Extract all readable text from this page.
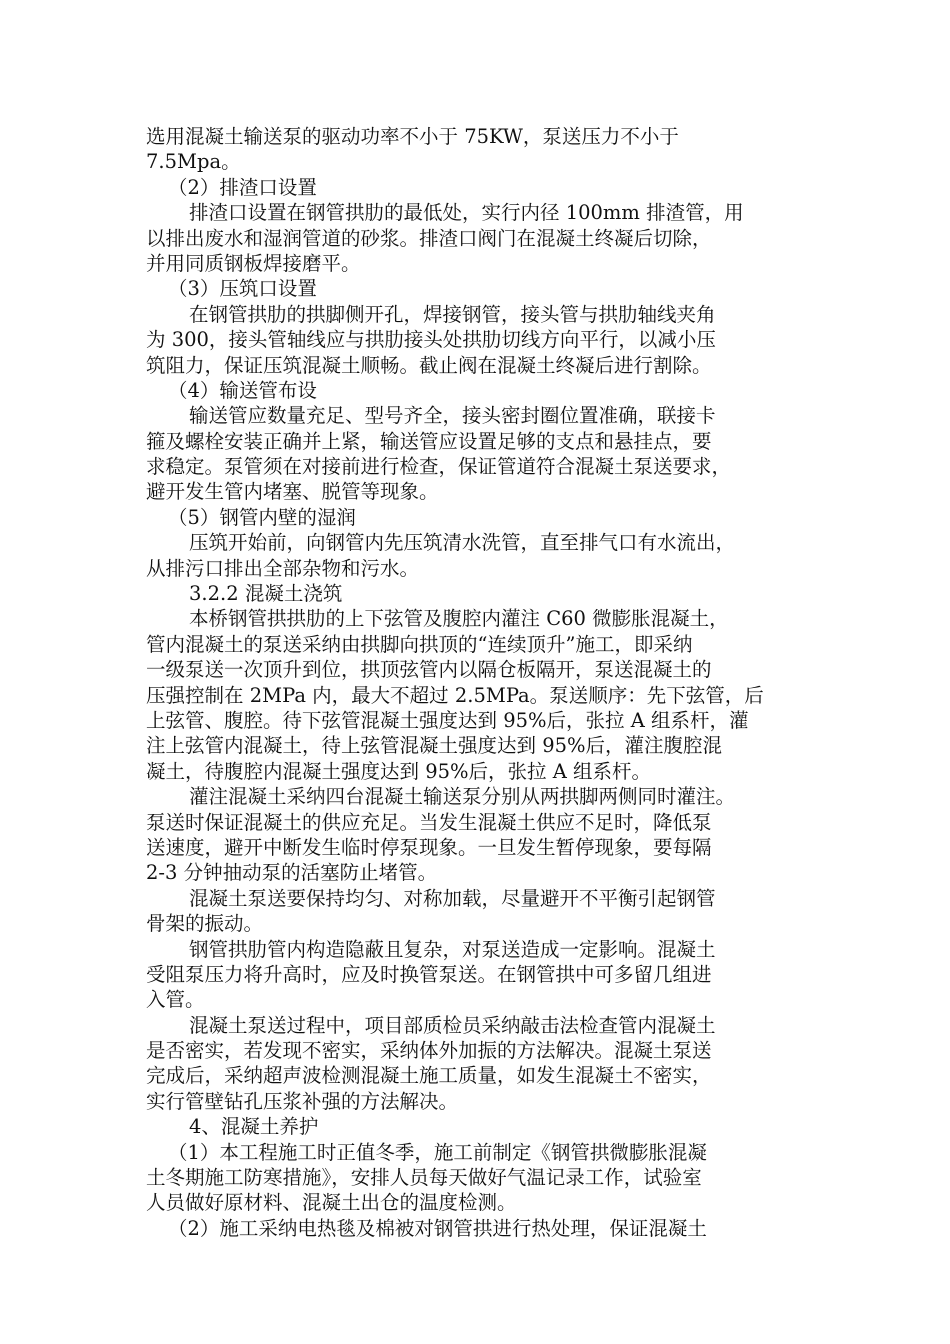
选用混凝土输送泵的驱动功率不小于 75KW，泵送压力不小于
7.5Mpa。
（2）排渣口设置
排渣口设置在钢管拱肋的最低处，实行内径 100mm 排渣管，用
以排出废水和湿润管道的砂浆。排渣口阀门在混凝土终凝后切除，
并用同质钢板焊接磨平。
（3）压筑口设置
在钢管拱肋的拱脚侧开孔，焊接钢管，接头管与拱肋轴线夹角
为 300，接头管轴线应与拱肋接头处拱肋切线方向平行，以减小压
筑阻力，保证压筑混凝土顺畅。截止阀在混凝土终凝后进行割除。
（4）输送管布设
输送管应数量充足、型号齐全，接头密封圈位置准确，联接卡
箍及螺栓安装正确并上紧，输送管应设置足够的支点和悬挂点，要
求稳定。泵管须在对接前进行检查，保证管道符合混凝土泵送要求，
避开发生管内堵塞、脱管等现象。
（5）钢管内壁的湿润
压筑开始前，向钢管内先压筑清水洗管，直至排气口有水流出，
从排污口排出全部杂物和污水。
3.2.2 混凝土浇筑
本桥钢管拱拱肋的上下弦管及腹腔内灌注 C60 微膨胀混凝土，
管内混凝土的泵送采纳由拱脚向拱顶的“连续顶升”施工，即采纳
一级泵送一次顶升到位，拱顶弦管内以隔仓板隔开，泵送混凝土的
压强控制在 2MPa 内，最大不超过 2.5MPa。泵送顺序：先下弦管，后
上弦管、腹腔。待下弦管混凝土强度达到 95%后，张拉 A 组系杆，灌
注上弦管内混凝土，待上弦管混凝土强度达到 95%后，灌注腹腔混
凝土，待腹腔内混凝土强度达到 95%后，张拉 A 组系杆。
灌注混凝土采纳四台混凝土输送泵分别从两拱脚两侧同时灌注。
泵送时保证混凝土的供应充足。当发生混凝土供应不足时，降低泵
送速度，避开中断发生临时停泵现象。一旦发生暂停现象，要每隔
2-3 分钟抽动泵的活塞防止堵管。
混凝土泵送要保持均匀、对称加载，尽量避开不平衡引起钢管
骨架的振动。
钢管拱肋管内构造隐蔽且复杂，对泵送造成一定影响。混凝土
受阻泵压力将升高时，应及时换管泵送。在钢管拱中可多留几组进
入管。
混凝土泵送过程中，项目部质检员采纳敲击法检查管内混凝土
是否密实，若发现不密实，采纳体外加振的方法解决。混凝土泵送
完成后，采纳超声波检测混凝土施工质量，如发生混凝土不密实，
实行管壁钻孔压浆补强的方法解决。
4、混凝土养护
（1）本工程施工时正值冬季，施工前制定《钢管拱微膨胀混凝
土冬期施工防寒措施》，安排人员每天做好气温记录工作，试验室
人员做好原材料、混凝土出仓的温度检测。
（2）施工采纳电热毯及棉被对钢管拱进行热处理，保证混凝土
